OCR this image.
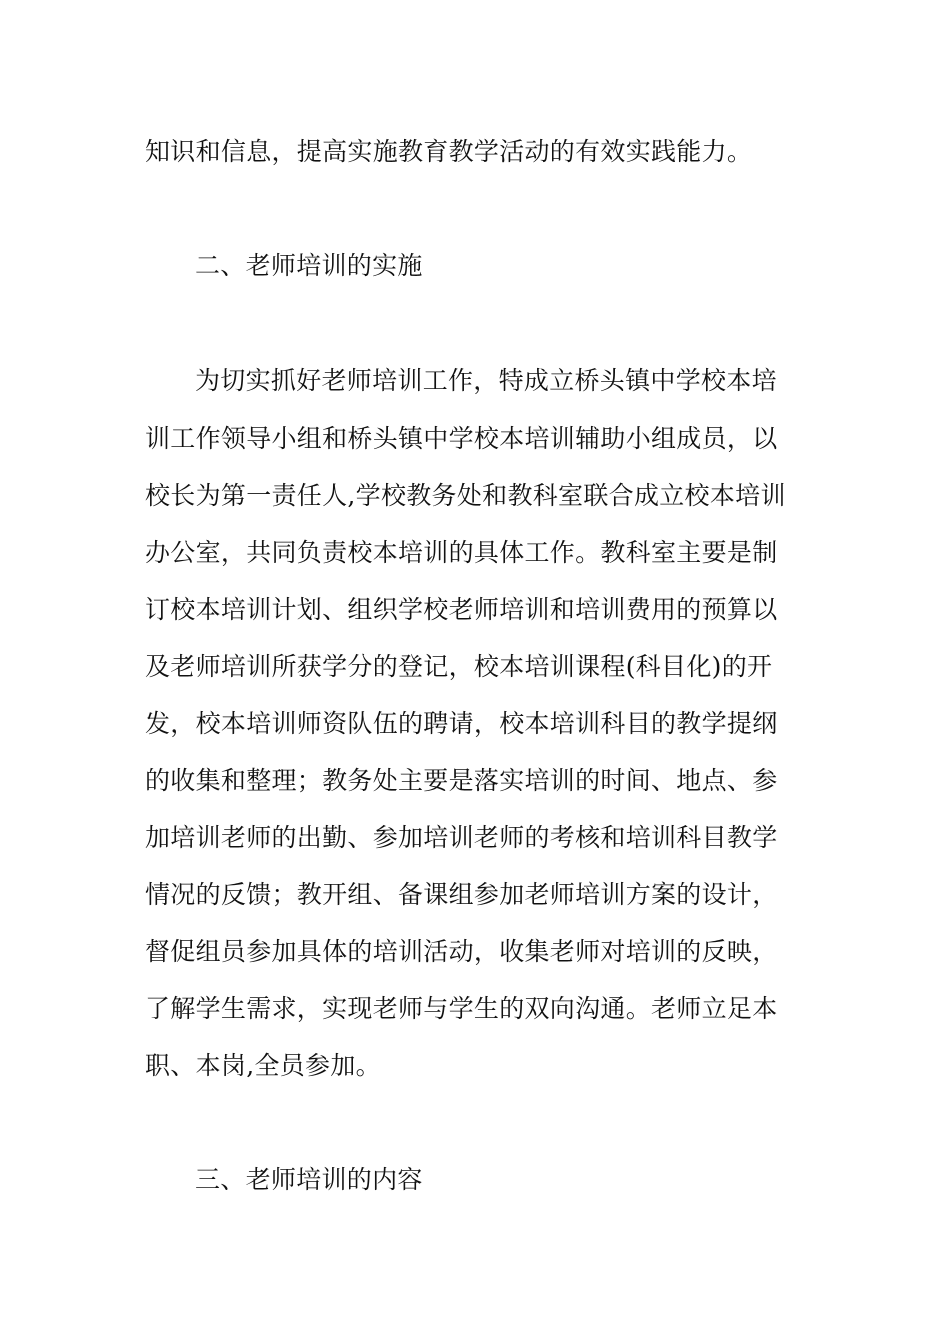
知识和信息，提高实施教育教学活动的有效实践能力。
二、老师培训的实施
为切实抓好老师培训工作，特成立桥头镇中学校本培
训工作领导小组和桥头镇中学校本培训辅助小组成员，以
校长为第一责任人,学校教务处和教科室联合成立校本培训
办公室，共同负责校本培训的具体工作。教科室主要是制
订校本培训计划、组织学校老师培训和培训费用的预算以
及老师培训所获学分的登记，校本培训课程(科目化)的开
发，校本培训师资队伍的聘请，校本培训科目的教学提纲
的收集和整理；教务处主要是落实培训的时间、地点、参
加培训老师的出勤、参加培训老师的考核和培训科目教学
情况的反馈；教开组、备课组参加老师培训方案的设计，
督促组员参加具体的培训活动，收集老师对培训的反映，
了解学生需求，实现老师与学生的双向沟通。老师立足本
职、本岗,全员参加。
三、老师培训的内容
